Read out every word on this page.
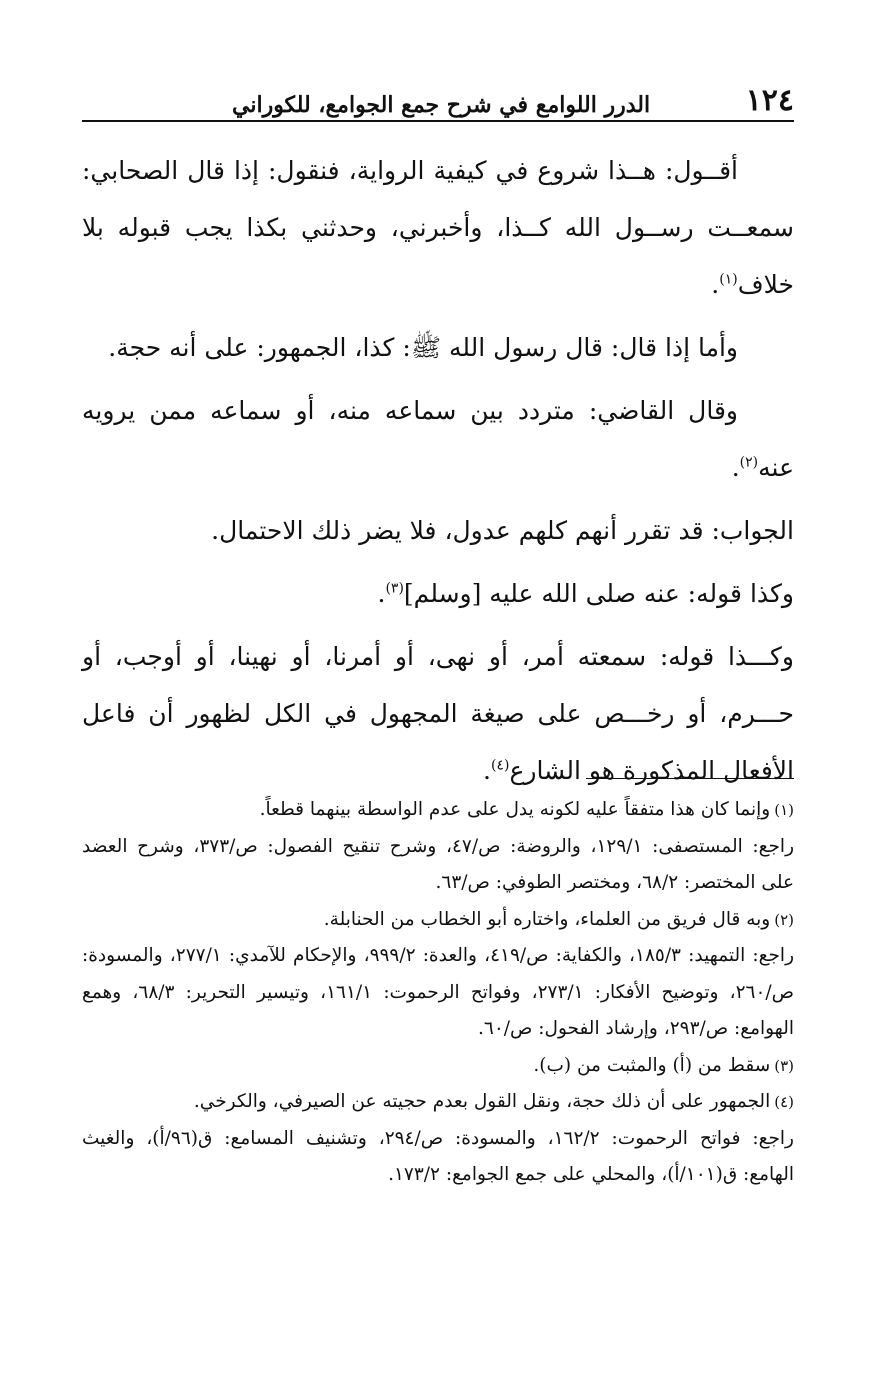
١٢٤
الدرر اللوامع في شرح جمع الجوامع، للكوراني

أقــول: هــذا شروع في كيفية الرواية، فنقول: إذا قال الصحابي: سمعــت رســول الله كــذا، وأخبرني، وحدثني بكذا يجب قبوله بلا خلاف$^{(١)}$.

وأما إذا قال: قال رسول الله ﷺ: كذا، الجمهور: على أنه حجة.

وقال القاضي: متردد بين سماعه منه، أو سماعه ممن يرويه عنه$^{(٢)}$.

الجواب: قد تقرر أنهم كلهم عدول، فلا يضر ذلك الاحتمال.

وكذا قوله: عنه صلى الله عليه [وسلم]$^{(٣)}$.

وكـــذا قوله: سمعته أمر، أو نهى، أو أمرنا، أو نهينا، أو أوجب، أو حـــرم، أو رخـــص على صيغة المجهول في الكل لظهور أن فاعل الأفعال المذكورة هو الشارع$^{(٤)}$.

(١)وإنما كان هذا متفقاً عليه لكونه يدل على عدم الواسطة بينهما قطعاً.

راجع: المستصفى: ١٢٩/١، والروضة: ص/٤٧، وشرح تنقيح الفصول: ص/٣٧٣، وشرح العضد على المختصر: ٦٨/٢، ومختصر الطوفي: ص/٦٣.

(٢)وبه قال فريق من العلماء، واختاره أبو الخطاب من الحنابلة.

راجع: التمهيد: ١٨٥/٣، والكفاية: ص/٤١٩، والعدة: ٩٩٩/٢، والإحكام للآمدي: ٢٧٧/١، والمسودة: ص/٢٦٠، وتوضيح الأفكار: ٢٧٣/١، وفواتح الرحموت: ١٦١/١، وتيسير التحرير: ٦٨/٣، وهمع الهوامع: ص/٢٩٣، وإرشاد الفحول: ص/٦٠.

(٣)سقط من (أ) والمثبت من (ب).

(٤)الجمهور على أن ذلك حجة، ونقل القول بعدم حجيته عن الصيرفي، والكرخي.

راجع: فواتح الرحموت: ١٦٢/٢، والمسودة: ص/٢٩٤، وتشنيف المسامع: ق(٩٦/أ)، والغيث الهامع: ق(١٠١/أ)، والمحلي على جمع الجوامع: ١٧٣/٢.
